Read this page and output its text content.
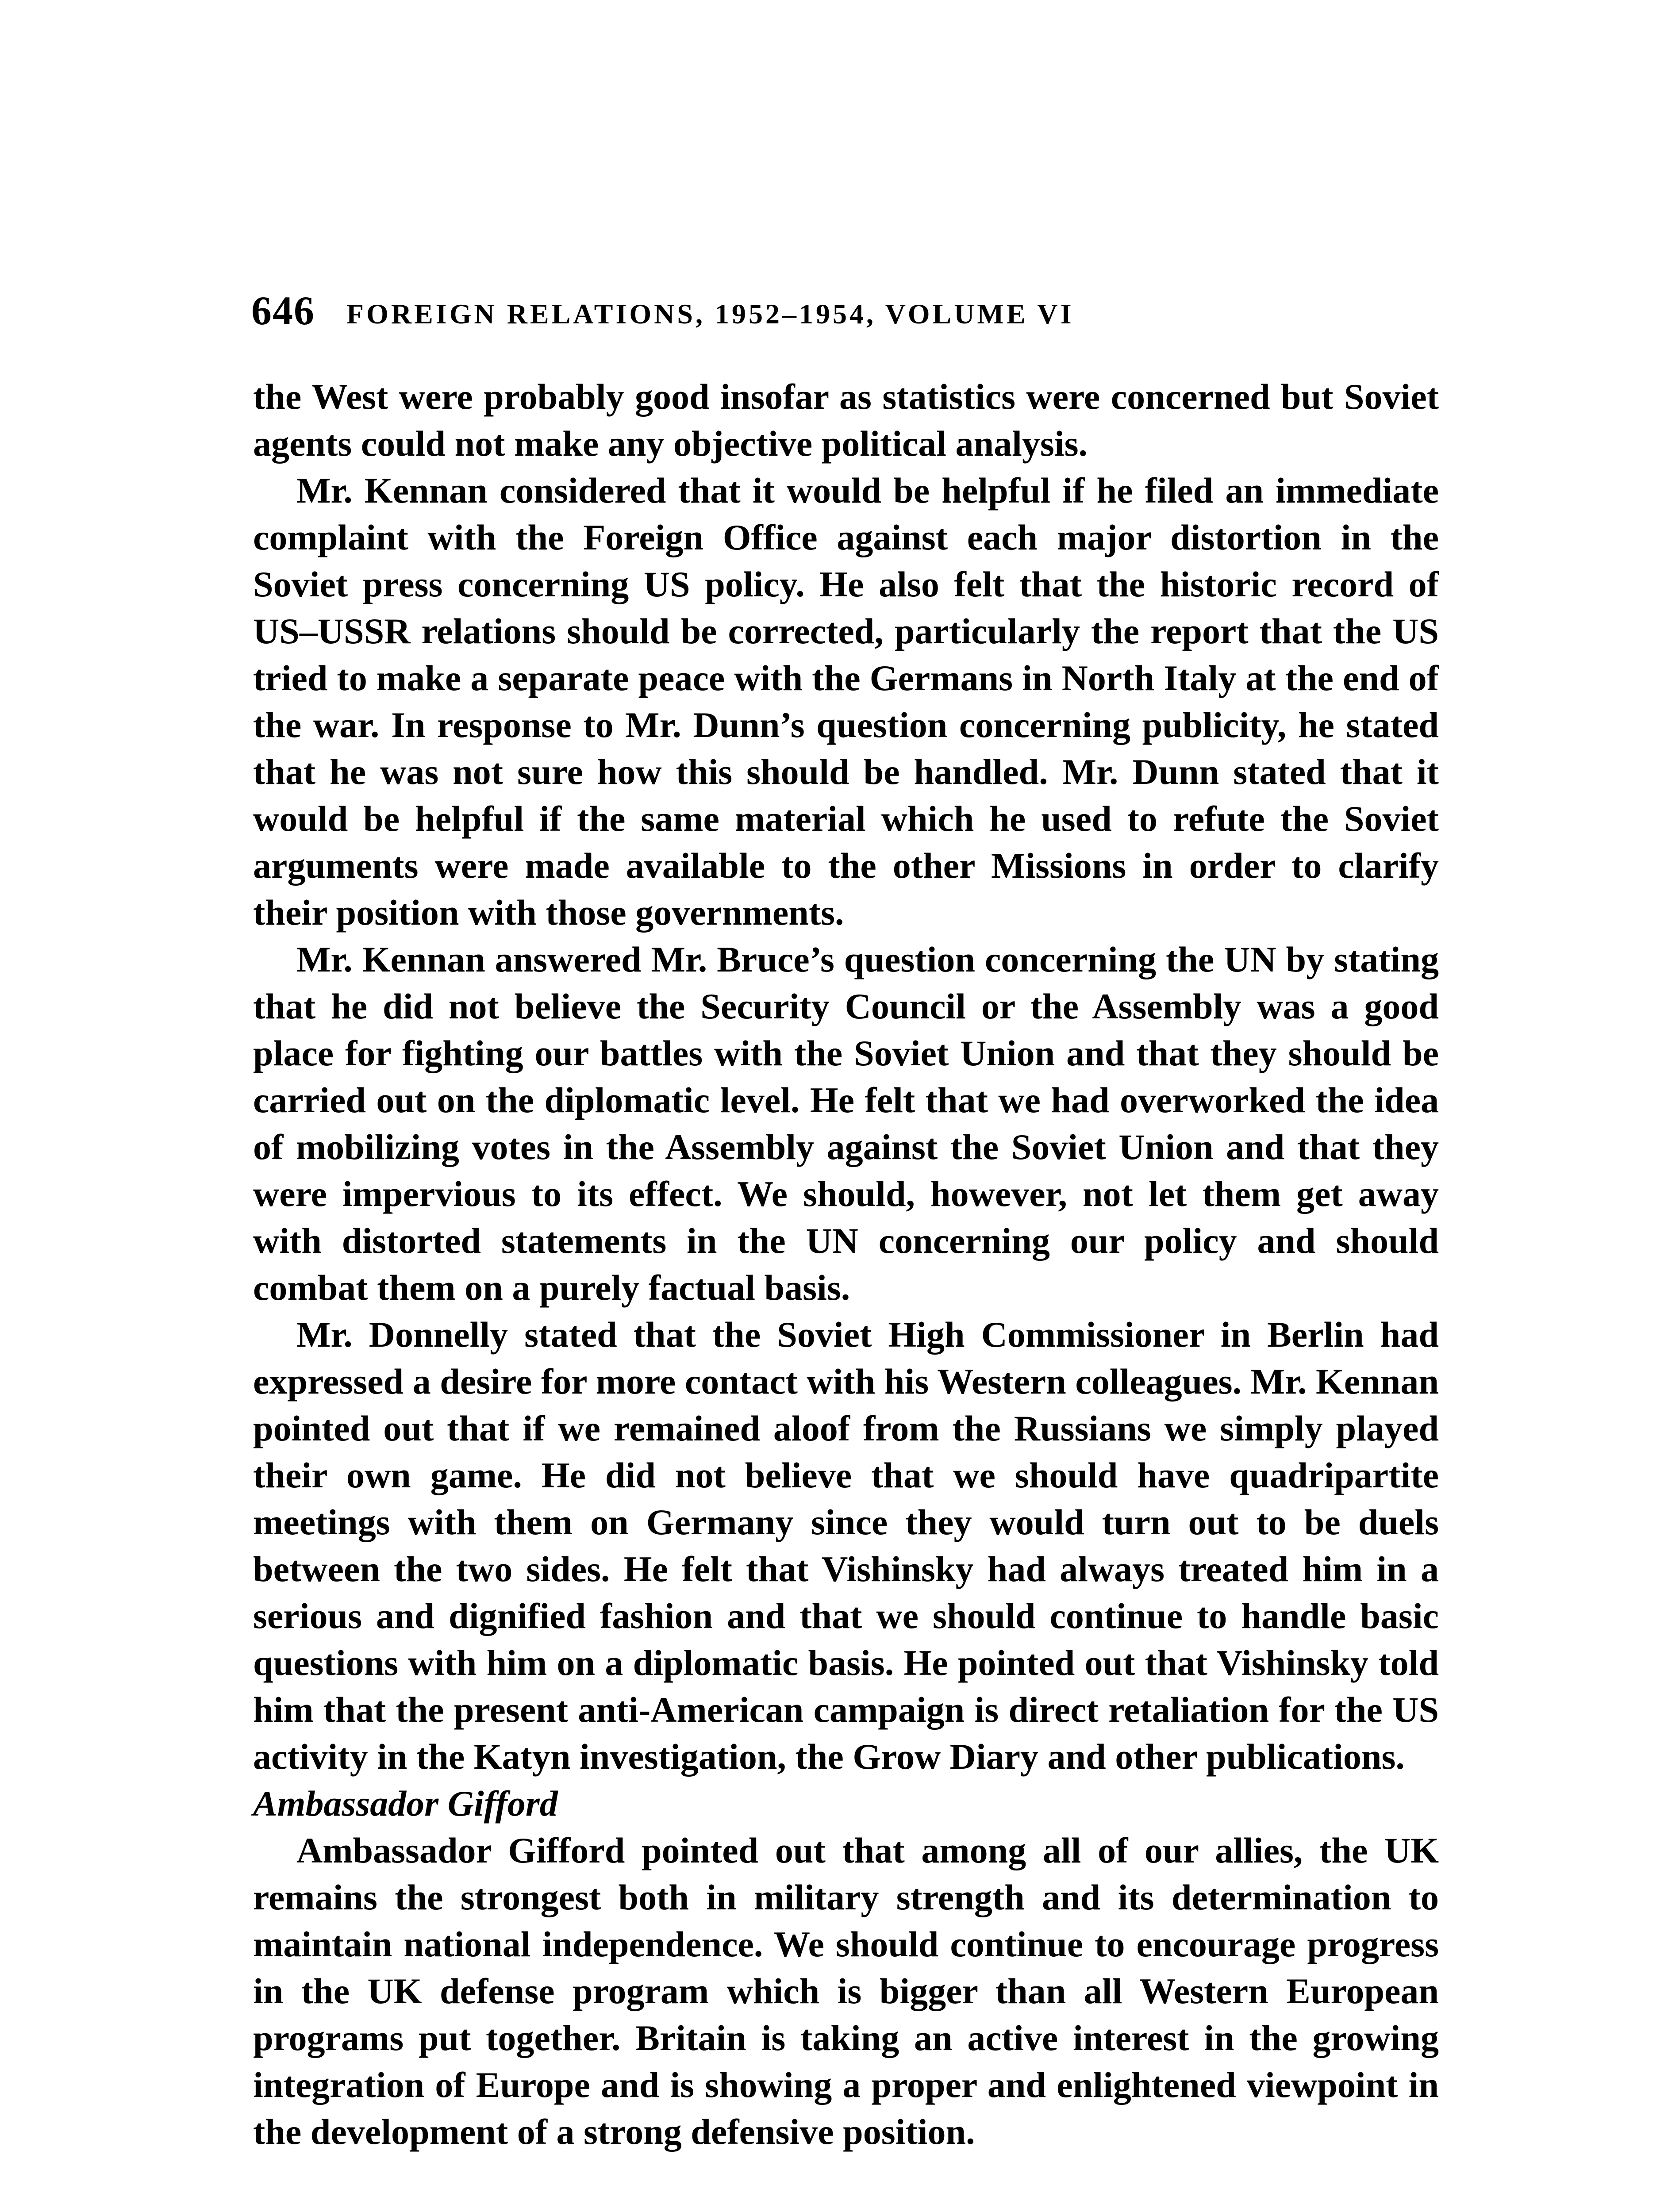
646 FOREIGN RELATIONS, 1952–1954, VOLUME VI

the West were probably good insofar as statistics were concerned but Soviet agents could not make any objective political analysis.

Mr. Kennan considered that it would be helpful if he filed an immediate complaint with the Foreign Office against each major distortion in the Soviet press concerning US policy. He also felt that the historic record of US–USSR relations should be corrected, particularly the report that the US tried to make a separate peace with the Germans in North Italy at the end of the war. In response to Mr. Dunn’s question concerning publicity, he stated that he was not sure how this should be handled. Mr. Dunn stated that it would be helpful if the same material which he used to refute the Soviet arguments were made available to the other Missions in order to clarify their position with those governments.

Mr. Kennan answered Mr. Bruce’s question concerning the UN by stating that he did not believe the Security Council or the Assembly was a good place for fighting our battles with the Soviet Union and that they should be carried out on the diplomatic level. He felt that we had overworked the idea of mobilizing votes in the Assembly against the Soviet Union and that they were impervious to its effect. We should, however, not let them get away with distorted statements in the UN concerning our policy and should combat them on a purely factual basis.

Mr. Donnelly stated that the Soviet High Commissioner in Berlin had expressed a desire for more contact with his Western colleagues. Mr. Kennan pointed out that if we remained aloof from the Russians we simply played their own game. He did not believe that we should have quadripartite meetings with them on Germany since they would turn out to be duels between the two sides. He felt that Vishinsky had always treated him in a serious and dignified fashion and that we should continue to handle basic questions with him on a diplomatic basis. He pointed out that Vishinsky told him that the present anti-American campaign is direct retaliation for the US activity in the Katyn investigation, the Grow Diary and other publications.

Ambassador Gifford

Ambassador Gifford pointed out that among all of our allies, the UK remains the strongest both in military strength and its determination to maintain national independence. We should continue to encourage progress in the UK defense program which is bigger than all Western European programs put together. Britain is taking an active interest in the growing integration of Europe and is showing a proper and enlightened viewpoint in the development of a strong defensive position.
